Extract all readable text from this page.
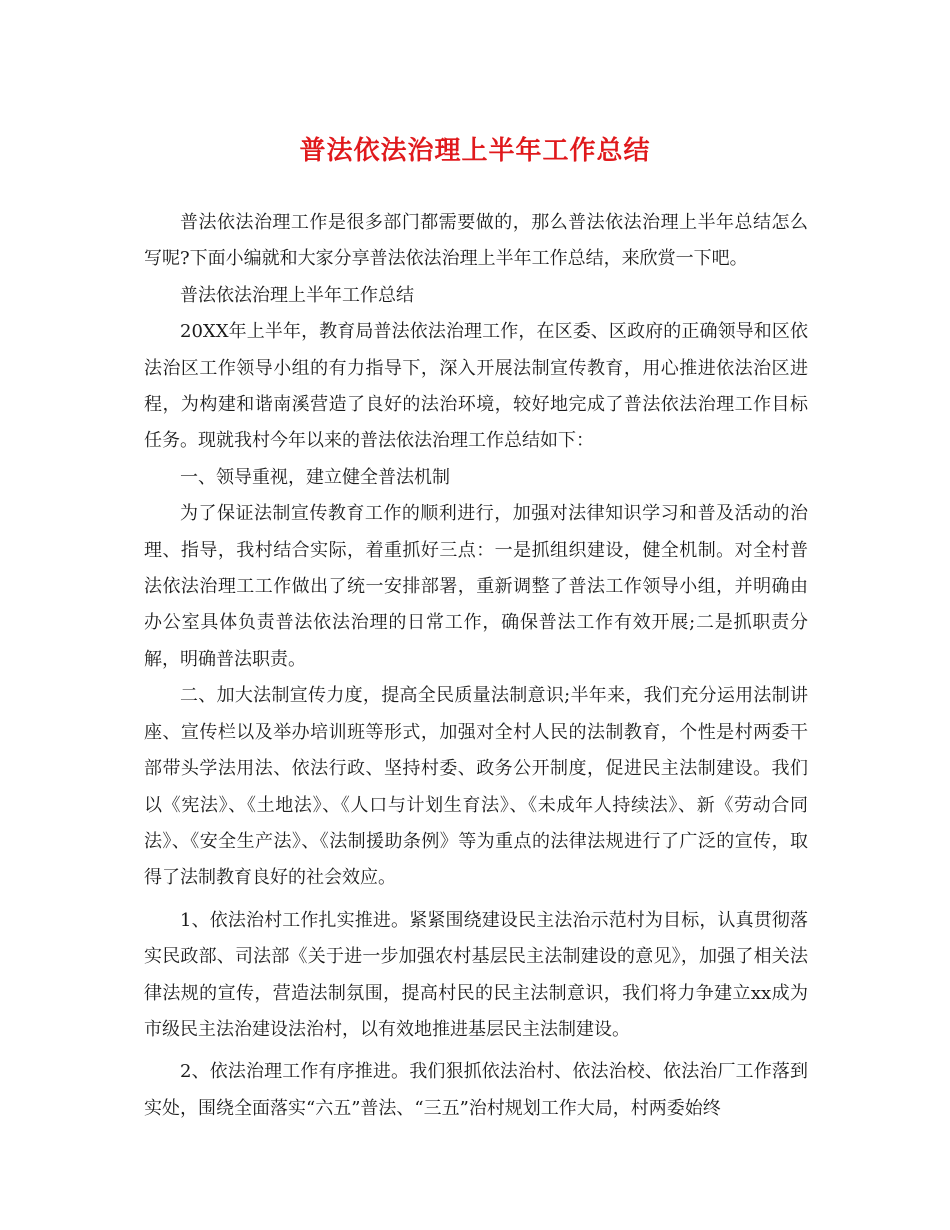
普法依法治理上半年工作总结

普法依法治理工作是很多部门都需要做的，那么普法依法治理上半年总结怎么写呢?下面小编就和大家分享普法依法治理上半年工作总结，来欣赏一下吧。

普法依法治理上半年工作总结

20XX年上半年，教育局普法依法治理工作，在区委、区政府的正确领导和区依法治区工作领导小组的有力指导下，深入开展法制宣传教育，用心推进依法治区进程，为构建和谐南溪营造了良好的法治环境，较好地完成了普法依法治理工作目标任务。现就我村今年以来的普法依法治理工作总结如下：

一、领导重视，建立健全普法机制

为了保证法制宣传教育工作的顺利进行，加强对法律知识学习和普及活动的治理、指导，我村结合实际，着重抓好三点：一是抓组织建设，健全机制。对全村普法依法治理工工作做出了统一安排部署，重新调整了普法工作领导小组，并明确由办公室具体负责普法依法治理的日常工作，确保普法工作有效开展;二是抓职责分解，明确普法职责。

二、加大法制宣传力度，提高全民质量法制意识;半年来，我们充分运用法制讲座、宣传栏以及举办培训班等形式，加强对全村人民的法制教育，个性是村两委干部带头学法用法、依法行政、坚持村委、政务公开制度，促进民主法制建设。我们以《宪法》、《土地法》、《人口与计划生育法》、《未成年人持续法》、新《劳动合同法》、《安全生产法》、《法制援助条例》等为重点的法律法规进行了广泛的宣传，取得了法制教育良好的社会效应。

1、依法治村工作扎实推进。紧紧围绕建设民主法治示范村为目标，认真贯彻落实民政部、司法部《关于进一步加强农村基层民主法制建设的意见》，加强了相关法律法规的宣传，营造法制氛围，提高村民的民主法制意识，我们将力争建立xx成为市级民主法治建设法治村，以有效地推进基层民主法制建设。

2、依法治理工作有序推进。我们狠抓依法治村、依法治校、依法治厂工作落到实处，围绕全面落实“六五”普法、“三五”治村规划工作大局，村两委始终
